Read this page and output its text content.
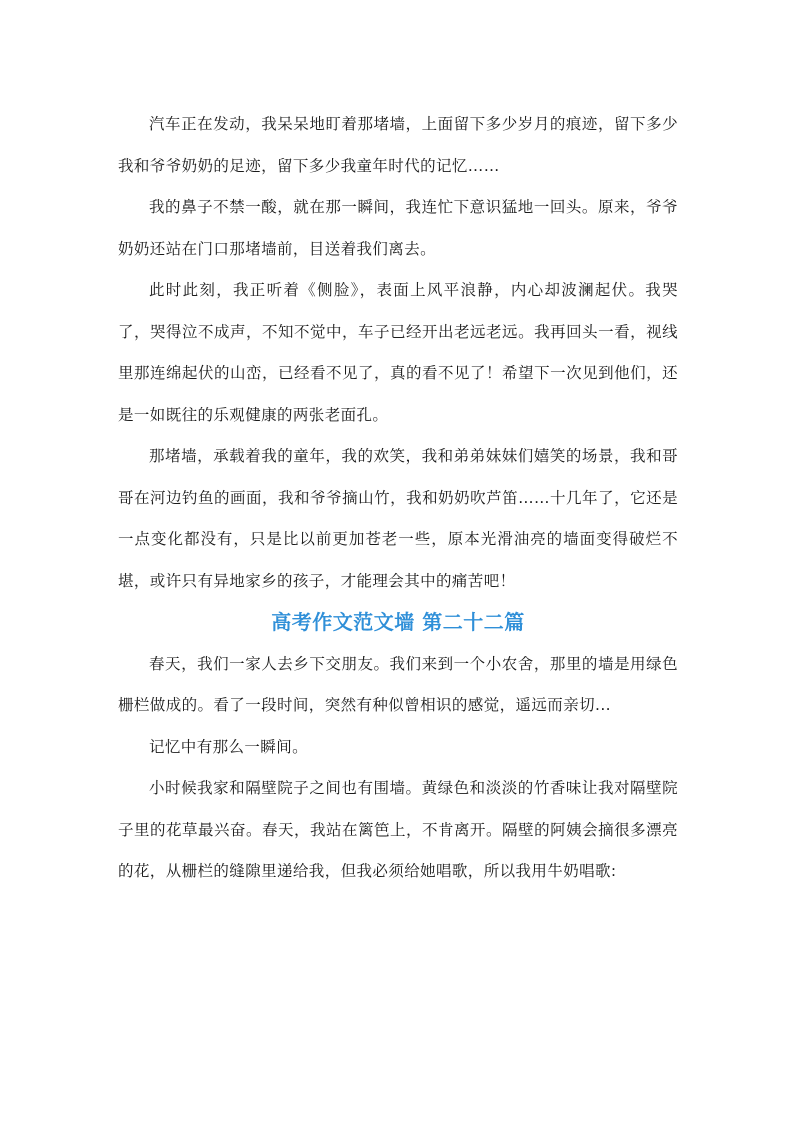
汽车正在发动，我呆呆地盯着那堵墙，上面留下多少岁月的痕迹，留下多少我和爷爷奶奶的足迹，留下多少我童年时代的记忆……

我的鼻子不禁一酸，就在那一瞬间，我连忙下意识猛地一回头。原来，爷爷奶奶还站在门口那堵墙前，目送着我们离去。

此时此刻，我正听着《侧脸》，表面上风平浪静，内心却波澜起伏。我哭了，哭得泣不成声，不知不觉中，车子已经开出老远老远。我再回头一看，视线里那连绵起伏的山峦，已经看不见了，真的看不见了！希望下一次见到他们，还是一如既往的乐观健康的两张老面孔。

那堵墙，承载着我的童年，我的欢笑，我和弟弟妹妹们嬉笑的场景，我和哥哥在河边钓鱼的画面，我和爷爷摘山竹，我和奶奶吹芦笛……十几年了，它还是一点变化都没有，只是比以前更加苍老一些，原本光滑油亮的墙面变得破烂不堪，或许只有异地家乡的孩子，才能理会其中的痛苦吧！

高考作文范文墙 第二十二篇

春天，我们一家人去乡下交朋友。我们来到一个小农舍，那里的墙是用绿色栅栏做成的。看了一段时间，突然有种似曾相识的感觉，遥远而亲切...

记忆中有那么一瞬间。

小时候我家和隔壁院子之间也有围墙。黄绿色和淡淡的竹香味让我对隔壁院子里的花草最兴奋。春天，我站在篱笆上，不肯离开。隔壁的阿姨会摘很多漂亮的花，从栅栏的缝隙里递给我，但我必须给她唱歌，所以我用牛奶唱歌:
